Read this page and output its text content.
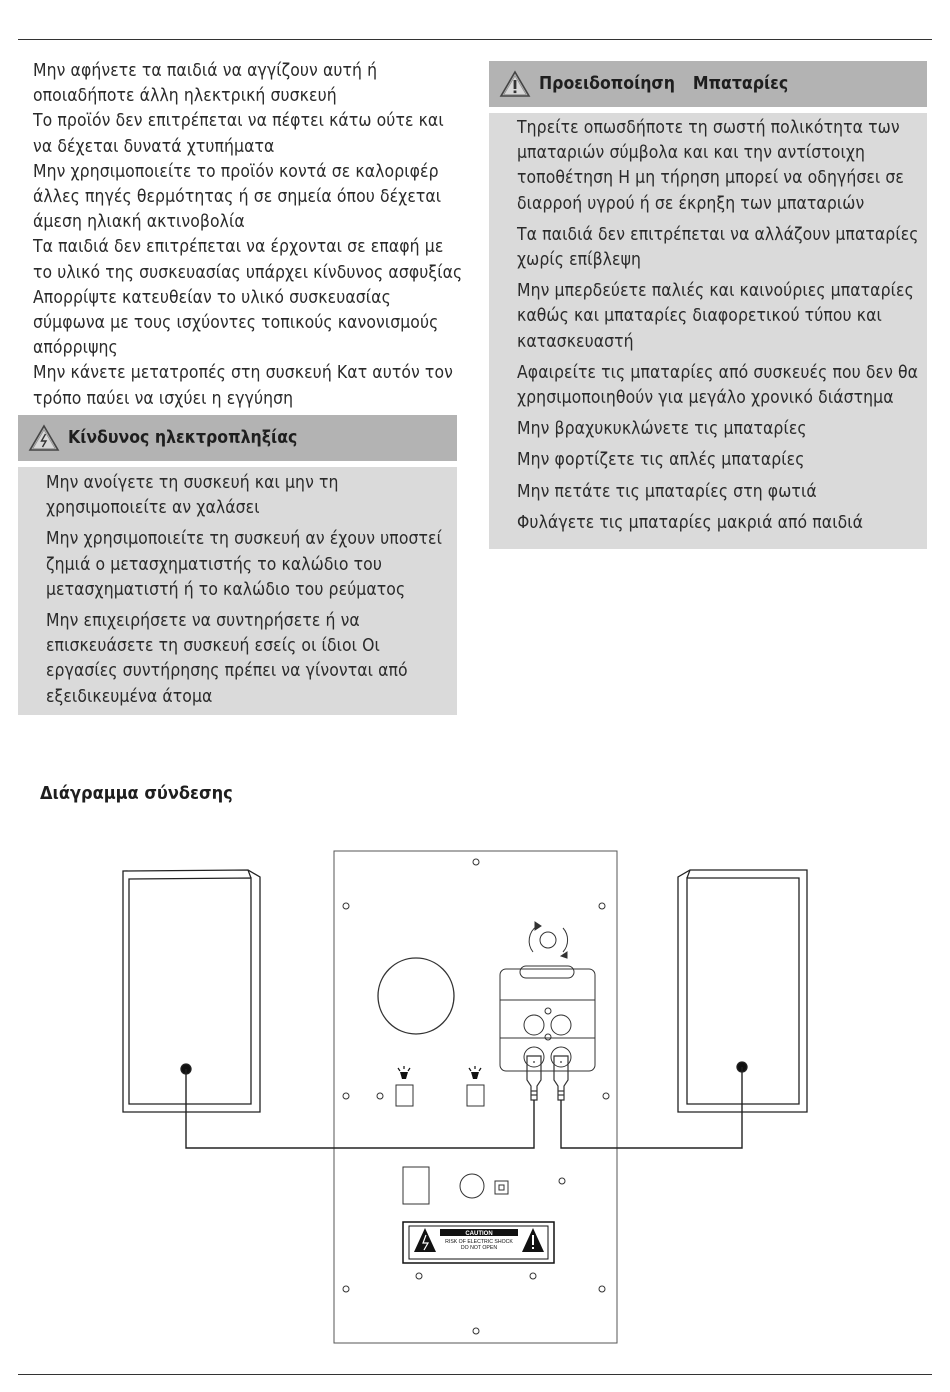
Μην αφήνετε τα παιδιά να αγγίζουν αυτή ή οποιαδήποτε άλλη ηλεκτρική συσκευή

Το προϊόν δεν επιτρέπεται να πέφτει κάτω ούτε και να δέχεται δυνατά χτυπήματα

Μην χρησιμοποιείτε το προϊόν κοντά σε καλοριφέρ άλλες πηγές θερμότητας ή σε σημεία όπου δέχεται άμεση ηλιακή ακτινοβολία

Τα παιδιά δεν επιτρέπεται να έρχονται σε επαφή με το υλικό της συσκευασίας υπάρχει κίνδυνος ασφυξίας

Απορρίψτε κατευθείαν το υλικό συσκευασίας σύμφωνα με τους ισχύοντες τοπικούς κανονισμούς απόρριψης

Μην κάνετε μετατροπές στη συσκευή Κατ αυτόν τον τρόπο παύει να ισχύει η εγγύηση

Κίνδυνος ηλεκτροπληξίας

Μην ανοίγετε τη συσκευή και μην τη χρησιμοποιείτε αν χαλάσει

Μην χρησιμοποιείτε τη συσκευή αν έχουν υποστεί ζημιά ο μετασχηματιστής το καλώδιο του μετασχηματιστή ή το καλώδιο του ρεύματος

Μην επιχειρήσετε να συντηρήσετε ή να επισκευάσετε τη συσκευή εσείς οι ίδιοι Οι εργασίες συντήρησης πρέπει να γίνονται από εξειδικευμένα άτομα

Προειδοποίηση Μπαταρίες

Τηρείτε οπωσδήποτε τη σωστή πολικότητα των μπαταριών σύμβολα και και την αντίστοιχη τοποθέτηση Η μη τήρηση μπορεί να οδηγήσει σε διαρροή υγρού ή σε έκρηξη των μπαταριών

Τα παιδιά δεν επιτρέπεται να αλλάζουν μπαταρίες χωρίς επίβλεψη

Μην μπερδεύετε παλιές και καινούριες μπαταρίες καθώς και μπαταρίες διαφορετικού τύπου και κατασκευαστή

Αφαιρείτε τις μπαταρίες από συσκευές που δεν θα χρησιμοποιηθούν για μεγάλο χρονικό διάστημα

Μην βραχυκυκλώνετε τις μπαταρίες

Μην φορτίζετε τις απλές μπαταρίες

Μην πετάτε τις μπαταρίες στη φωτιά

Φυλάγετε τις μπαταρίες μακριά από παιδιά

Διάγραμμα σύνδεσης
CAUTION
RISK OF ELECTRIC SHOCK
DO NOT OPEN
